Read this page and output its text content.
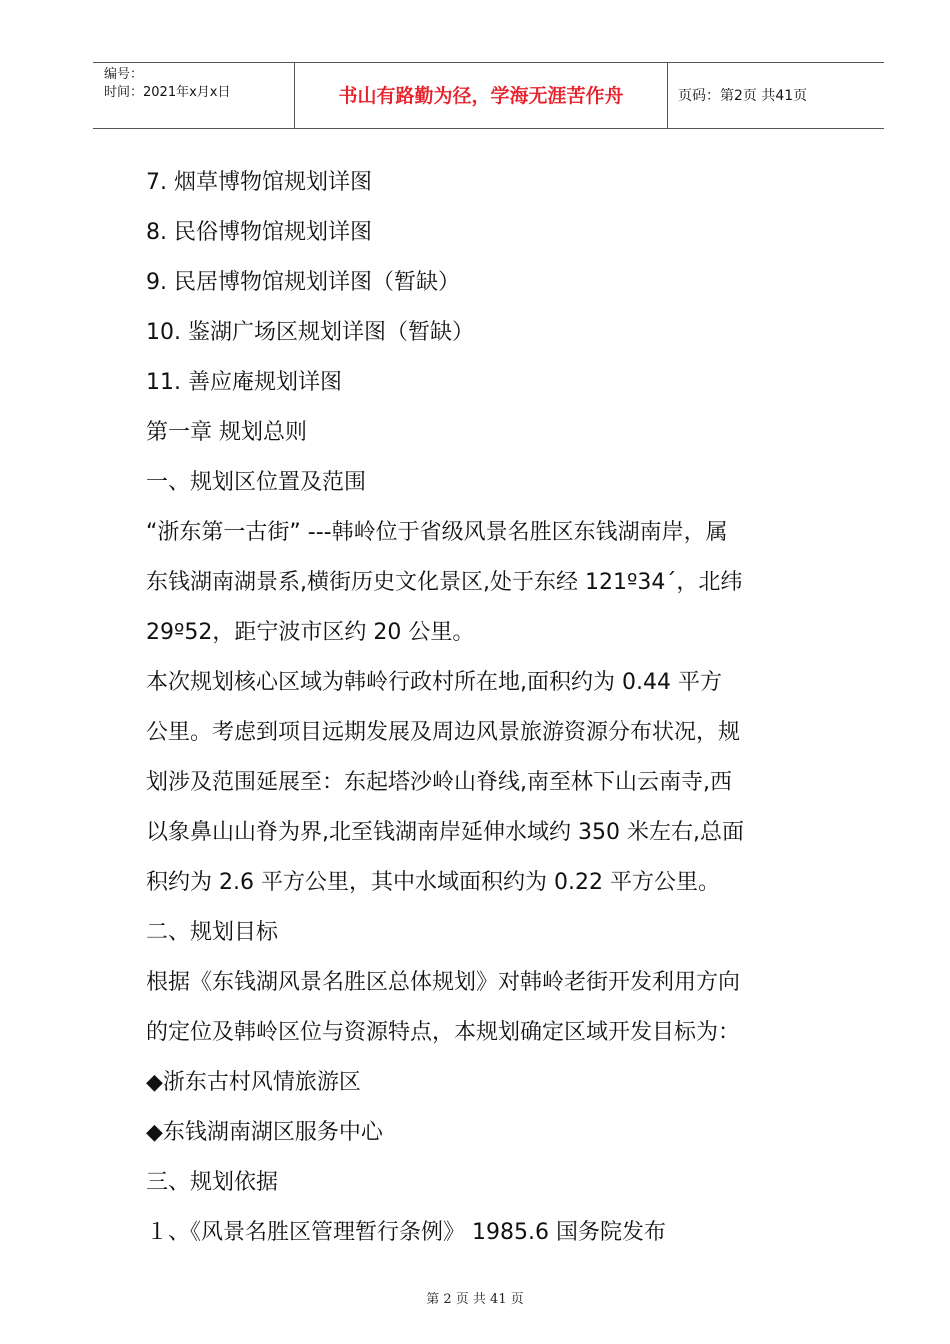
编号：
时间：2021年x月x日	书山有路勤为径，学海无涯苦作舟	页码：第2页 共41页
7. 烟草博物馆规划详图
8. 民俗博物馆规划详图
9. 民居博物馆规划详图（暂缺）
10. 鉴湖广场区规划详图（暂缺）
11. 善应庵规划详图
第一章 规划总则
一、规划区位置及范围
“浙东第一古街” ---韩岭位于省级风景名胜区东钱湖南岸，属
东钱湖南湖景系,横街历史文化景区,处于东经 121º34´，北纬
29º52，距宁波市区约 20 公里。
本次规划核心区域为韩岭行政村所在地,面积约为 0.44 平方
公里。考虑到项目远期发展及周边风景旅游资源分布状况，规
划涉及范围延展至：东起塔沙岭山脊线,南至林下山云南寺,西
以象鼻山山脊为界,北至钱湖南岸延伸水域约 350 米左右,总面
积约为 2.6 平方公里，其中水域面积约为 0.22 平方公里。
二、规划目标
根据《东钱湖风景名胜区总体规划》对韩岭老街开发利用方向
的定位及韩岭区位与资源特点，本规划确定区域开发目标为：
◆浙东古村风情旅游区
◆东钱湖南湖区服务中心
三、规划依据
１、《风景名胜区管理暂行条例》 1985.6 国务院发布
第 2 页 共 41 页
